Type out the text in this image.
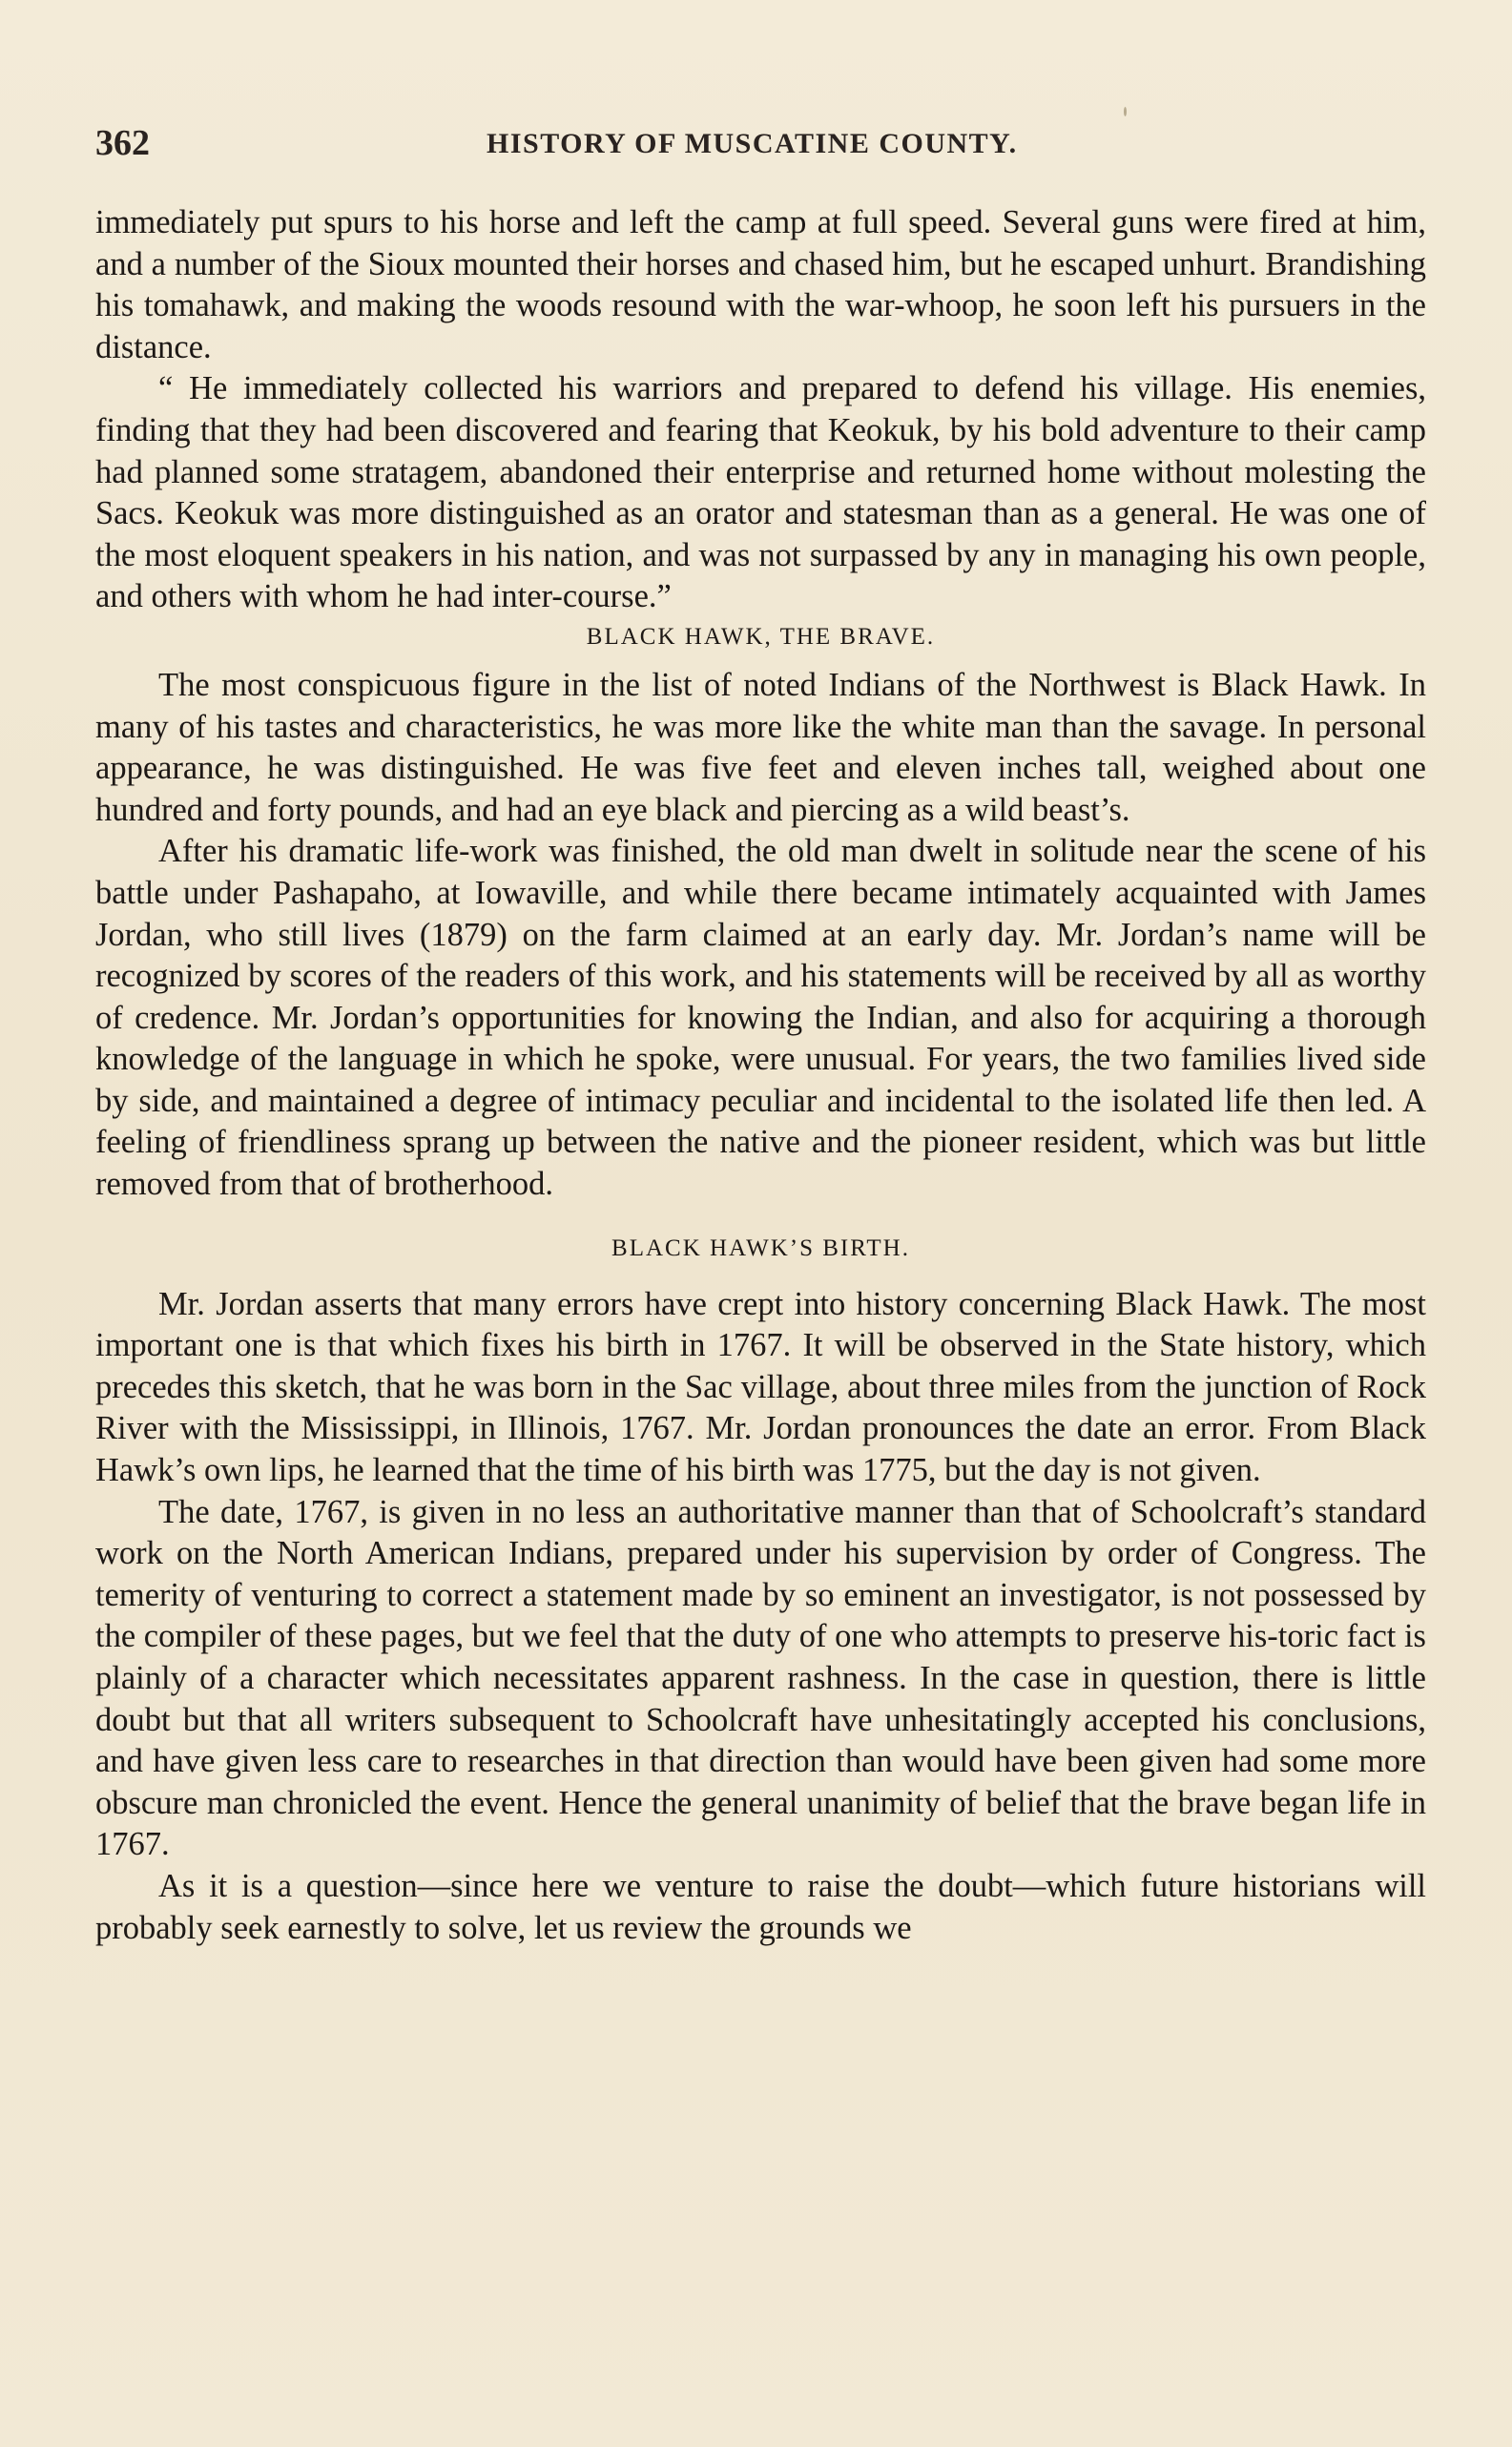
362	HISTORY OF MUSCATINE COUNTY.

immediately put spurs to his horse and left the camp at full speed. Several guns were fired at him, and a number of the Sioux mounted their horses and chased him, but he escaped unhurt. Brandishing his tomahawk, and making the woods resound with the war-whoop, he soon left his pursuers in the distance.

“ He immediately collected his warriors and prepared to defend his village. His enemies, finding that they had been discovered and fearing that Keokuk, by his bold adventure to their camp had planned some stratagem, abandoned their enterprise and returned home without molesting the Sacs. Keokuk was more distinguished as an orator and statesman than as a general. He was one of the most eloquent speakers in his nation, and was not surpassed by any in managing his own people, and others with whom he had inter-course.”

BLACK HAWK, THE BRAVE.

The most conspicuous figure in the list of noted Indians of the Northwest is Black Hawk. In many of his tastes and characteristics, he was more like the white man than the savage. In personal appearance, he was distinguished. He was five feet and eleven inches tall, weighed about one hundred and forty pounds, and had an eye black and piercing as a wild beast’s.

After his dramatic life-work was finished, the old man dwelt in solitude near the scene of his battle under Pashapaho, at Iowaville, and while there became intimately acquainted with James Jordan, who still lives (1879) on the farm claimed at an early day. Mr. Jordan’s name will be recognized by scores of the readers of this work, and his statements will be received by all as worthy of credence. Mr. Jordan’s opportunities for knowing the Indian, and also for acquiring a thorough knowledge of the language in which he spoke, were unusual. For years, the two families lived side by side, and maintained a degree of intimacy peculiar and incidental to the isolated life then led. A feeling of friendliness sprang up between the native and the pioneer resident, which was but little removed from that of brotherhood.

BLACK HAWK’S BIRTH.

Mr. Jordan asserts that many errors have crept into history concerning Black Hawk. The most important one is that which fixes his birth in 1767. It will be observed in the State history, which precedes this sketch, that he was born in the Sac village, about three miles from the junction of Rock River with the Mississippi, in Illinois, 1767. Mr. Jordan pronounces the date an error. From Black Hawk’s own lips, he learned that the time of his birth was 1775, but the day is not given.

The date, 1767, is given in no less an authoritative manner than that of Schoolcraft’s standard work on the North American Indians, prepared under his supervision by order of Congress. The temerity of venturing to correct a statement made by so eminent an investigator, is not possessed by the compiler of these pages, but we feel that the duty of one who attempts to preserve his-toric fact is plainly of a character which necessitates apparent rashness. In the case in question, there is little doubt but that all writers subsequent to Schoolcraft have unhesitatingly accepted his conclusions, and have given less care to researches in that direction than would have been given had some more obscure man chronicled the event. Hence the general unanimity of belief that the brave began life in 1767.

As it is a question—since here we venture to raise the doubt—which future historians will probably seek earnestly to solve, let us review the grounds we
